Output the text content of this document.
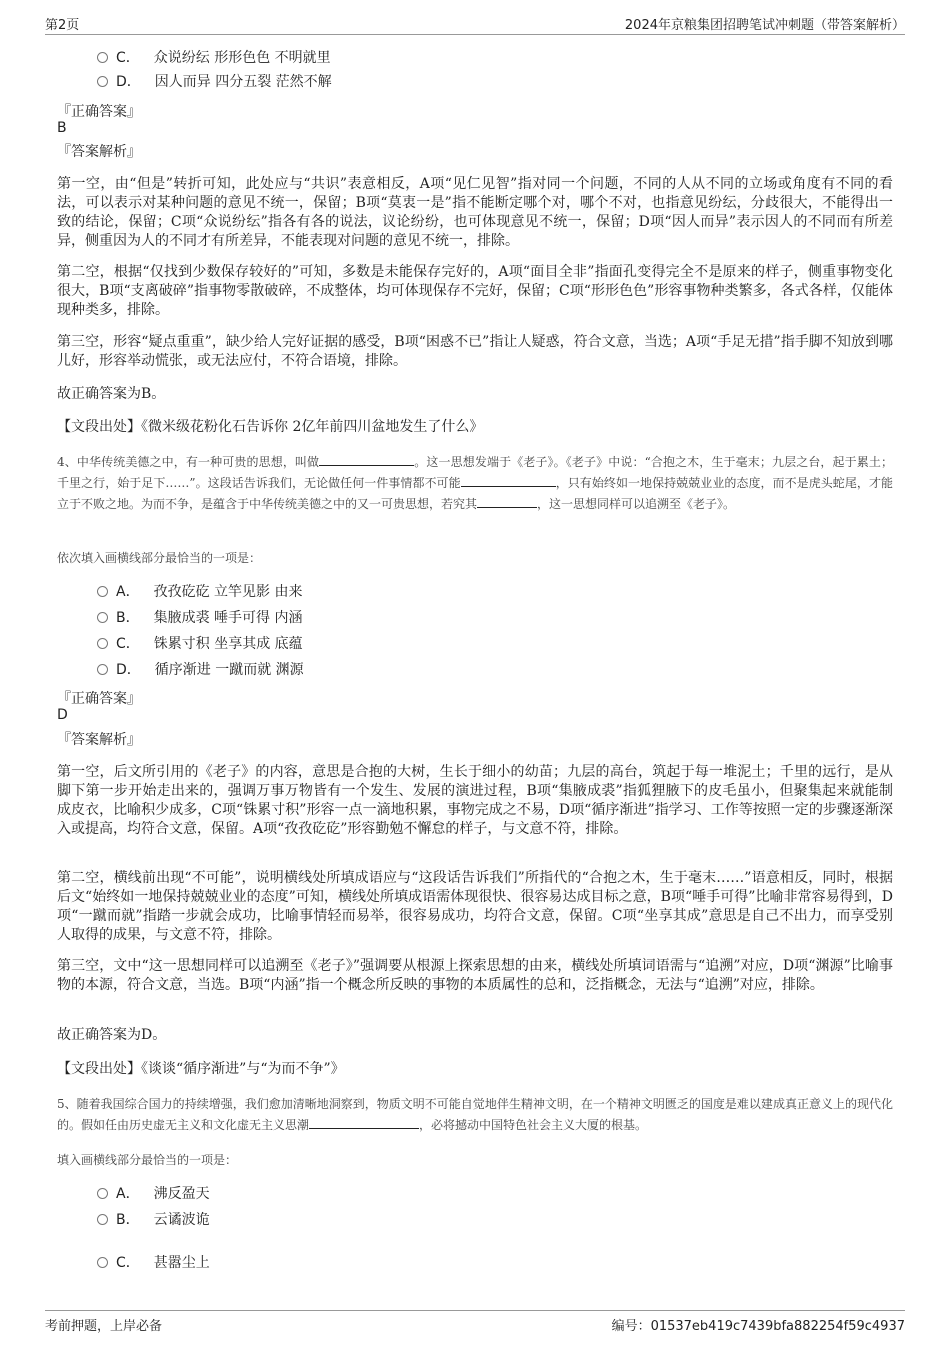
第2页	2024年京粮集团招聘笔试冲刺题（带答案解析）
C． 众说纷纭 形形色色 不明就里
D． 因人而异 四分五裂 茫然不解
『正确答案』
B
『答案解析』
第一空，由“但是”转折可知，此处应与“共识”表意相反，A项“见仁见智”指对同一个问题，不同的人从不同的立场或角度有不同的看法，可以表示对某种问题的意见不统一，保留；B项“莫衷一是”指不能断定哪个对，哪个不对，也指意见纷纭，分歧很大，不能得出一致的结论，保留；C项“众说纷纭”指各有各的说法，议论纷纷，也可体现意见不统一，保留；D项“因人而异”表示因人的不同而有所差异，侧重因为人的不同才有所差异，不能表现对问题的意见不统一，排除。
第二空，根据“仅找到少数保存较好的”可知，多数是未能保存完好的，A项“面目全非”指面孔变得完全不是原来的样子，侧重事物变化很大，B项“支离破碎”指事物零散破碎，不成整体，均可体现保存不完好，保留；C项“形形色色”形容事物种类繁多，各式各样，仅能体现种类多，排除。
第三空，形容“疑点重重”，缺少给人完好证据的感受，B项“困惑不已”指让人疑惑，符合文意，当选；A项“手足无措”指手脚不知放到哪儿好，形容举动慌张，或无法应付，不符合语境，排除。
故正确答案为B。
【文段出处】《微米级花粉化石告诉你 2亿年前四川盆地发生了什么》
4、中华传统美德之中，有一种可贵的思想，叫做	。这一思想发端于《老子》。《老子》中说：“合抱之木，生于毫末；九层之台，起于累土；千里之行，始于足下……”。这段话告诉我们，无论做任何一件事情都不可能	，只有始终如一地保持兢兢业业的态度，而不是虎头蛇尾，才能立于不败之地。为而不争，是蕴含于中华传统美德之中的又一可贵思想，若究其	，这一思想同样可以追溯至《老子》。
依次填入画横线部分最恰当的一项是：
A． 孜孜矻矻 立竿见影 由来
B． 集腋成裘 唾手可得 内涵
C． 铢累寸积 坐享其成 底蕴
D． 循序渐进 一蹴而就 渊源
『正确答案』
D
『答案解析』
第一空，后文所引用的《老子》的内容，意思是合抱的大树，生长于细小的幼苗；九层的高台，筑起于每一堆泥土；千里的远行，是从脚下第一步开始走出来的，强调万事万物皆有一个发生、发展的演进过程，B项“集腋成裘”指狐狸腋下的皮毛虽小，但聚集起来就能制成皮衣，比喻积少成多，C项“铢累寸积”形容一点一滴地积累，事物完成之不易，D项“循序渐进”指学习、工作等按照一定的步骤逐渐深入或提高，均符合文意，保留。A项“孜孜矻矻”形容勤勉不懈怠的样子，与文意不符，排除。
第二空，横线前出现“不可能”，说明横线处所填成语应与“这段话告诉我们”所指代的“合抱之木，生于毫末……”语意相反，同时，根据后文“始终如一地保持兢兢业业的态度”可知，横线处所填成语需体现很快、很容易达成目标之意，B项“唾手可得”比喻非常容易得到，D项“一蹴而就”指踏一步就会成功，比喻事情轻而易举，很容易成功，均符合文意，保留。C项“坐享其成”意思是自己不出力，而享受别人取得的成果，与文意不符，排除。
第三空，文中“这一思想同样可以追溯至《老子》”强调要从根源上探索思想的由来，横线处所填词语需与“追溯”对应，D项“渊源”比喻事物的本源，符合文意，当选。B项“内涵”指一个概念所反映的事物的本质属性的总和，泛指概念，无法与“追溯”对应，排除。
故正确答案为D。
【文段出处】《谈谈“循序渐进”与“为而不争”》
5、随着我国综合国力的持续增强，我们愈加清晰地洞察到，物质文明不可能自觉地伴生精神文明，在一个精神文明匮乏的国度是难以建成真正意义上的现代化的。假如任由历史虚无主义和文化虚无主义思潮	，必将撼动中国特色社会主义大厦的根基。
填入画横线部分最恰当的一项是：
A． 沸反盈天
B． 云谲波诡
C． 甚嚣尘上
考前押题，上岸必备	编号：01537eb419c7439bfa882254f59c4937
